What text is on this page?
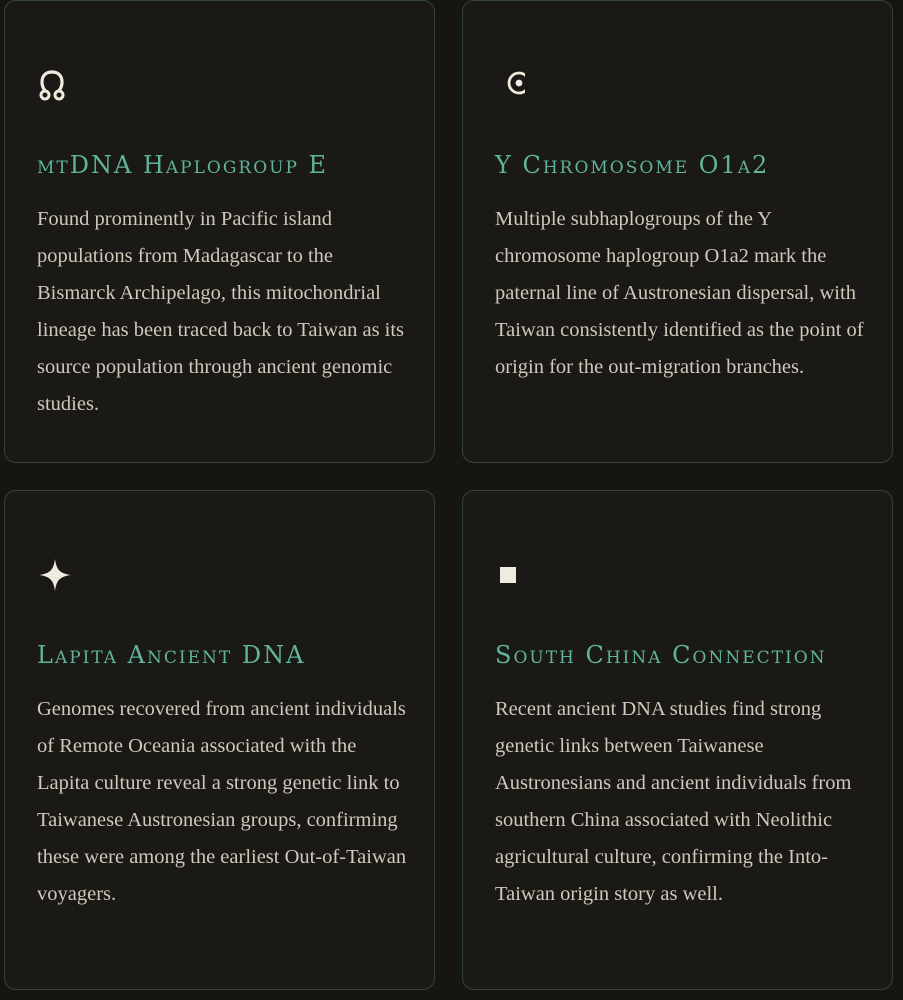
mtDNA Haplogroup E

Found prominently in Pacific island populations from Madagascar to the Bismarck Archipelago, this mitochondrial lineage has been traced back to Taiwan as its source population through ancient genomic studies.

Y Chromosome O1a2

Multiple subhaplogroups of the Y chromosome haplogroup O1a2 mark the paternal line of Austronesian dispersal, with Taiwan consistently identified as the point of origin for the out-migration branches.

Lapita Ancient DNA

Genomes recovered from ancient individuals of Remote Oceania associated with the Lapita culture reveal a strong genetic link to Taiwanese Austronesian groups, confirming these were among the earliest Out-of-Taiwan voyagers.

South China Connection

Recent ancient DNA studies find strong genetic links between Taiwanese Austronesians and ancient individuals from southern China associated with Neolithic agricultural culture, confirming the Into-Taiwan origin story as well.
